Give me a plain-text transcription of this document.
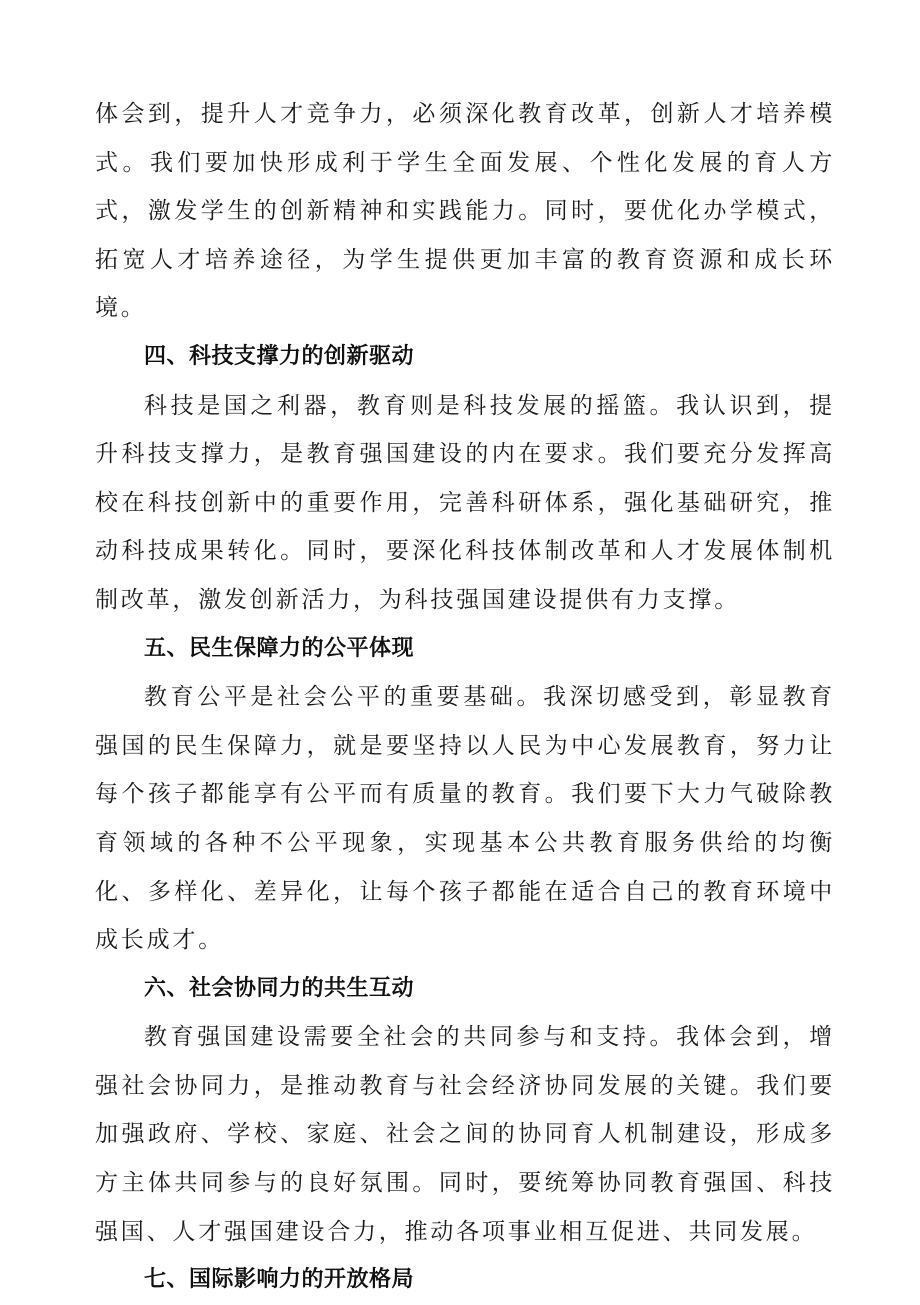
体会到，提升人才竞争力，必须深化教育改革，创新人才培养模式。我们要加快形成利于学生全面发展、个性化发展的育人方式，激发学生的创新精神和实践能力。同时，要优化办学模式，拓宽人才培养途径，为学生提供更加丰富的教育资源和成长环境。

四、科技支撑力的创新驱动

科技是国之利器，教育则是科技发展的摇篮。我认识到，提升科技支撑力，是教育强国建设的内在要求。我们要充分发挥高校在科技创新中的重要作用，完善科研体系，强化基础研究，推动科技成果转化。同时，要深化科技体制改革和人才发展体制机制改革，激发创新活力，为科技强国建设提供有力支撑。

五、民生保障力的公平体现

教育公平是社会公平的重要基础。我深切感受到，彰显教育强国的民生保障力，就是要坚持以人民为中心发展教育，努力让每个孩子都能享有公平而有质量的教育。我们要下大力气破除教育领域的各种不公平现象，实现基本公共教育服务供给的均衡化、多样化、差异化，让每个孩子都能在适合自己的教育环境中成长成才。

六、社会协同力的共生互动

教育强国建设需要全社会的共同参与和支持。我体会到，增强社会协同力，是推动教育与社会经济协同发展的关键。我们要加强政府、学校、家庭、社会之间的协同育人机制建设，形成多方主体共同参与的良好氛围。同时，要统筹协同教育强国、科技强国、人才强国建设合力，推动各项事业相互促进、共同发展。

七、国际影响力的开放格局
